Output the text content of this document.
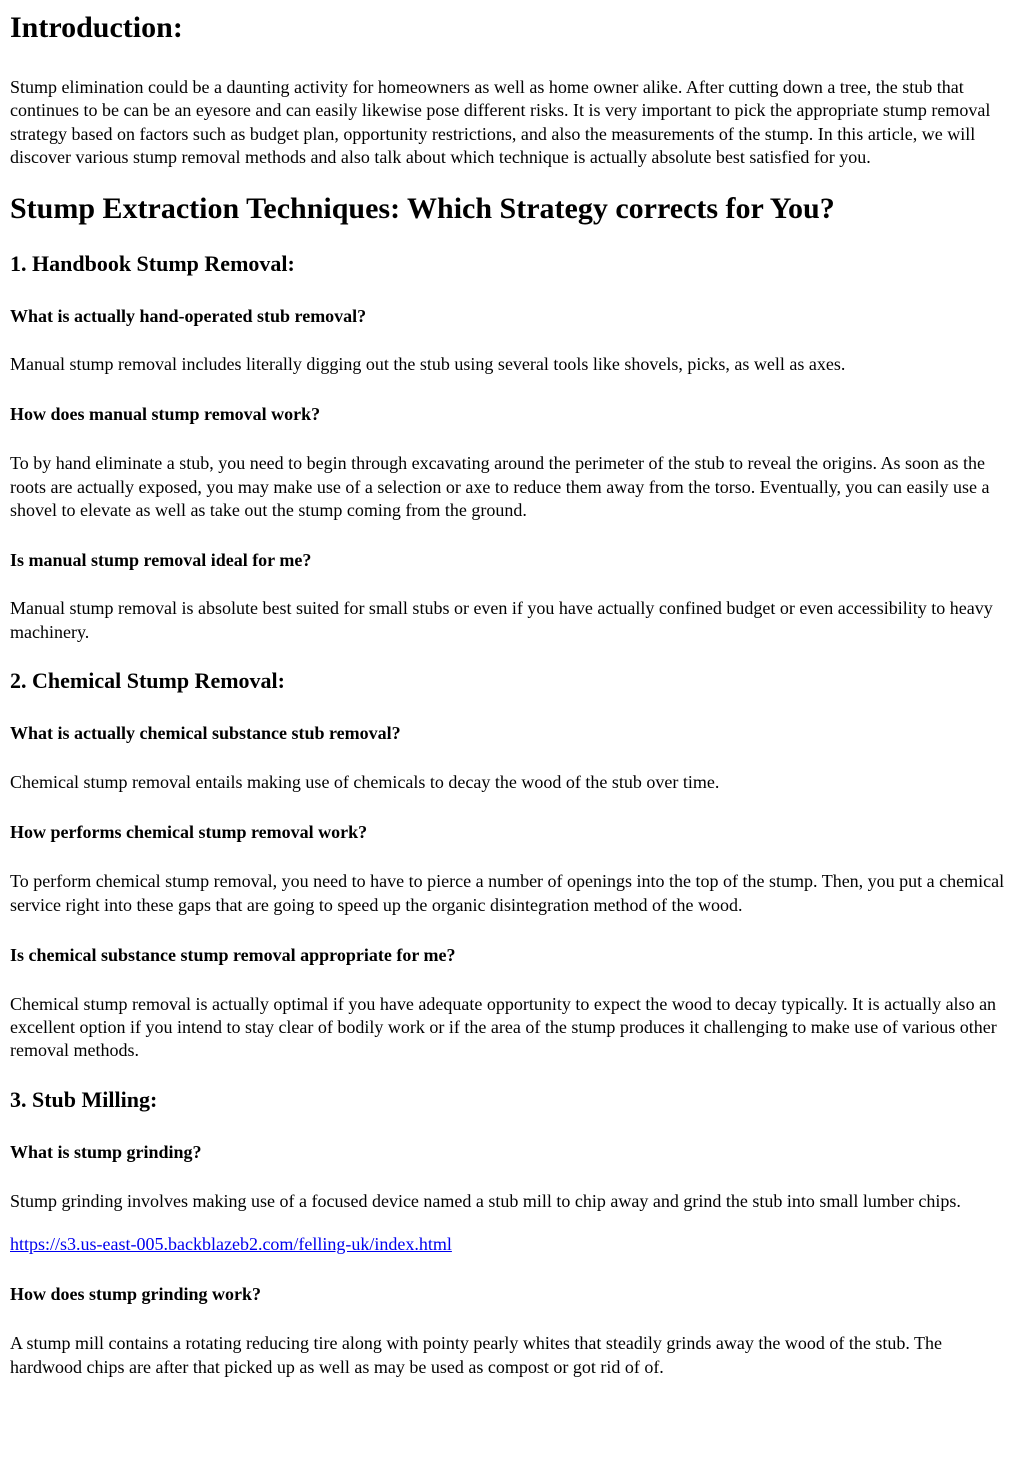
Introduction:

Stump elimination could be a daunting activity for homeowners as well as home owner alike. After cutting down a tree, the stub that continues to be can be an eyesore and can easily likewise pose different risks. It is very important to pick the appropriate stump removal strategy based on factors such as budget plan, opportunity restrictions, and also the measurements of the stump. In this article, we will discover various stump removal methods and also talk about which technique is actually absolute best satisfied for you.

Stump Extraction Techniques: Which Strategy corrects for You?
1. Handbook Stump Removal:
What is actually hand-operated stub removal?

Manual stump removal includes literally digging out the stub using several tools like shovels, picks, as well as axes.

How does manual stump removal work?

To by hand eliminate a stub, you need to begin through excavating around the perimeter of the stub to reveal the origins. As soon as the roots are actually exposed, you may make use of a selection or axe to reduce them away from the torso. Eventually, you can easily use a shovel to elevate as well as take out the stump coming from the ground.

Is manual stump removal ideal for me?

Manual stump removal is absolute best suited for small stubs or even if you have actually confined budget or even accessibility to heavy machinery.

2. Chemical Stump Removal:
What is actually chemical substance stub removal?

Chemical stump removal entails making use of chemicals to decay the wood of the stub over time.

How performs chemical stump removal work?

To perform chemical stump removal, you need to have to pierce a number of openings into the top of the stump. Then, you put a chemical service right into these gaps that are going to speed up the organic disintegration method of the wood.

Is chemical substance stump removal appropriate for me?

Chemical stump removal is actually optimal if you have adequate opportunity to expect the wood to decay typically. It is actually also an excellent option if you intend to stay clear of bodily work or if the area of the stump produces it challenging to make use of various other removal methods.

3. Stub Milling:
What is stump grinding?

Stump grinding involves making use of a focused device named a stub mill to chip away and grind the stub into small lumber chips.

https://s3.us-east-005.backblazeb2.com/felling-uk/index.html

How does stump grinding work?

A stump mill contains a rotating reducing tire along with pointy pearly whites that steadily grinds away the wood of the stub. The hardwood chips are after that picked up as well as may be used as compost or got rid of of.
